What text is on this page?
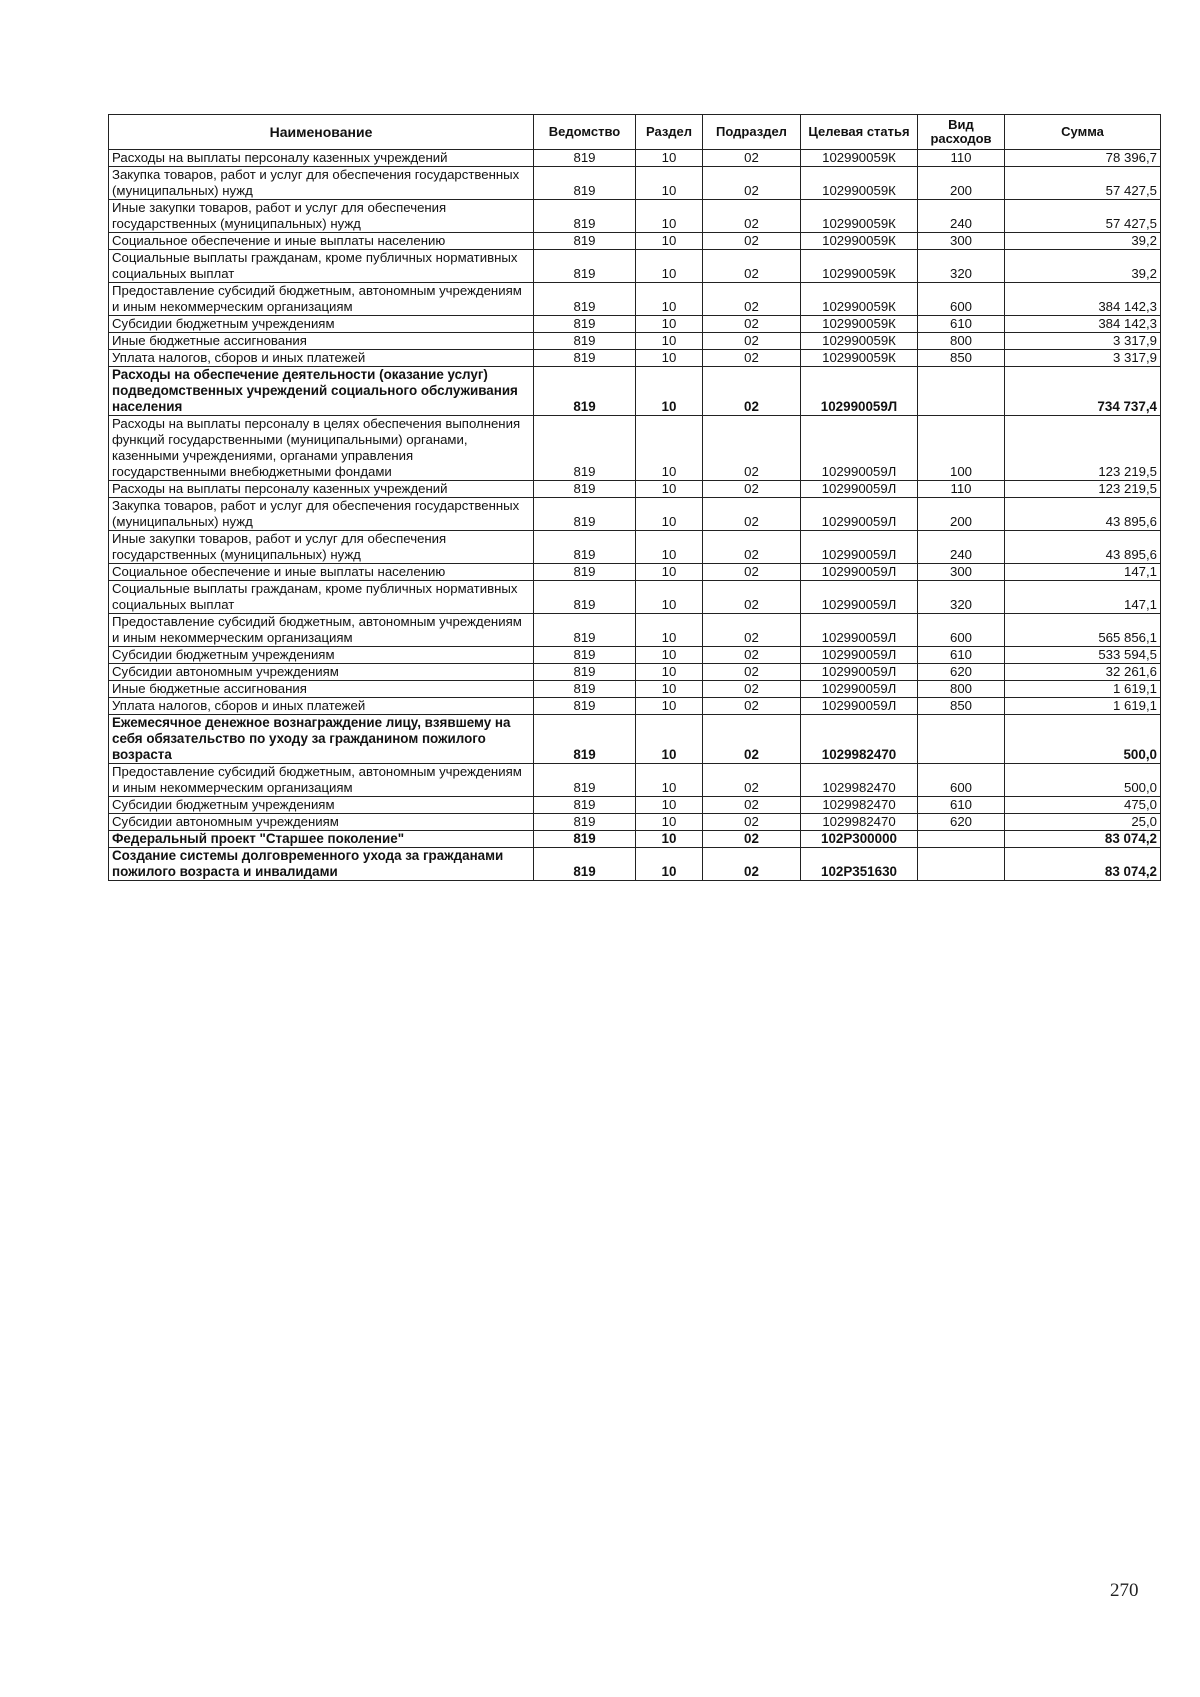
Наименование	Ведомство	Раздел	Подраздел	Целевая статья	Вид расходов	Сумма
Расходы на выплаты персоналу казенных учреждений	819	10	02	102990059К	110	78 396,7
Закупка товаров, работ и услуг для обеспечения государственных (муниципальных) нужд	819	10	02	102990059К	200	57 427,5
Иные закупки товаров, работ и услуг для обеспечения государственных (муниципальных) нужд	819	10	02	102990059К	240	57 427,5
Социальное обеспечение и иные выплаты населению	819	10	02	102990059К	300	39,2
Социальные выплаты гражданам, кроме публичных нормативных социальных выплат	819	10	02	102990059К	320	39,2
Предоставление субсидий бюджетным, автономным учреждениям и иным некоммерческим организациям	819	10	02	102990059К	600	384 142,3
Субсидии бюджетным учреждениям	819	10	02	102990059К	610	384 142,3
Иные бюджетные ассигнования	819	10	02	102990059К	800	3 317,9
Уплата налогов, сборов и иных платежей	819	10	02	102990059К	850	3 317,9
Расходы на обеспечение деятельности (оказание услуг) подведомственных учреждений социального обслуживания населения	819	10	02	102990059Л		734 737,4
Расходы на выплаты персоналу в целях обеспечения выполнения функций государственными (муниципальными) органами, казенными учреждениями, органами управления государственными внебюджетными фондами	819	10	02	102990059Л	100	123 219,5
Расходы на выплаты персоналу казенных учреждений	819	10	02	102990059Л	110	123 219,5
Закупка товаров, работ и услуг для обеспечения государственных (муниципальных) нужд	819	10	02	102990059Л	200	43 895,6
Иные закупки товаров, работ и услуг для обеспечения государственных (муниципальных) нужд	819	10	02	102990059Л	240	43 895,6
Социальное обеспечение и иные выплаты населению	819	10	02	102990059Л	300	147,1
Социальные выплаты гражданам, кроме публичных нормативных социальных выплат	819	10	02	102990059Л	320	147,1
Предоставление субсидий бюджетным, автономным учреждениям и иным некоммерческим организациям	819	10	02	102990059Л	600	565 856,1
Субсидии бюджетным учреждениям	819	10	02	102990059Л	610	533 594,5
Субсидии автономным учреждениям	819	10	02	102990059Л	620	32 261,6
Иные бюджетные ассигнования	819	10	02	102990059Л	800	1 619,1
Уплата налогов, сборов и иных платежей	819	10	02	102990059Л	850	1 619,1
Ежемесячное денежное вознаграждение лицу, взявшему на себя обязательство по уходу за гражданином пожилого возраста	819	10	02	1029982470		500,0
Предоставление субсидий бюджетным, автономным учреждениям и иным некоммерческим организациям	819	10	02	1029982470	600	500,0
Субсидии бюджетным учреждениям	819	10	02	1029982470	610	475,0
Субсидии автономным учреждениям	819	10	02	1029982470	620	25,0
Федеральный проект "Старшее поколение"	819	10	02	102Р300000		83 074,2
Создание системы долговременного ухода за гражданами пожилого возраста и инвалидами	819	10	02	102Р351630		83 074,2
270
